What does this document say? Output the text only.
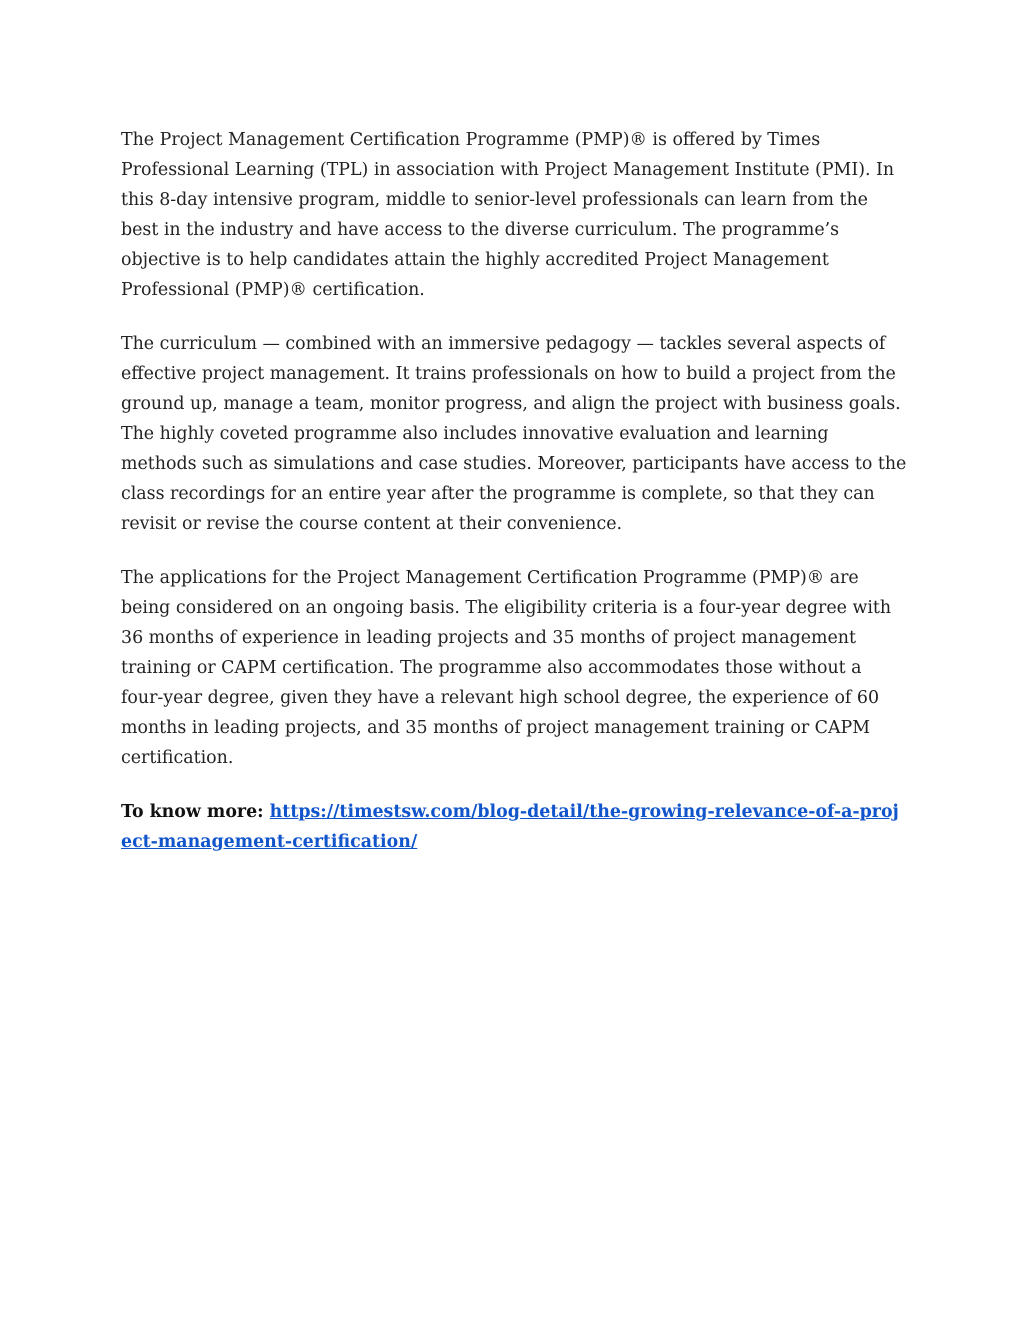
The Project Management Certification Programme (PMP)® is offered by Times Professional Learning (TPL) in association with Project Management Institute (PMI). In this 8-day intensive program, middle to senior-level professionals can learn from the best in the industry and have access to the diverse curriculum. The programme’s objective is to help candidates attain the highly accredited Project Management Professional (PMP)® certification.

The curriculum — combined with an immersive pedagogy — tackles several aspects of effective project management. It trains professionals on how to build a project from the ground up, manage a team, monitor progress, and align the project with business goals. The highly coveted programme also includes innovative evaluation and learning methods such as simulations and case studies. Moreover, participants have access to the class recordings for an entire year after the programme is complete, so that they can revisit or revise the course content at their convenience.

The applications for the Project Management Certification Programme (PMP)® are being considered on an ongoing basis. The eligibility criteria is a four-year degree with 36 months of experience in leading projects and 35 months of project management training or CAPM certification. The programme also accommodates those without a four-year degree, given they have a relevant high school degree, the experience of 60 months in leading projects, and 35 months of project management training or CAPM certification.

To know more: https://timestsw.com/blog-detail/the-growing-relevance-of-a-project-management-certification/
